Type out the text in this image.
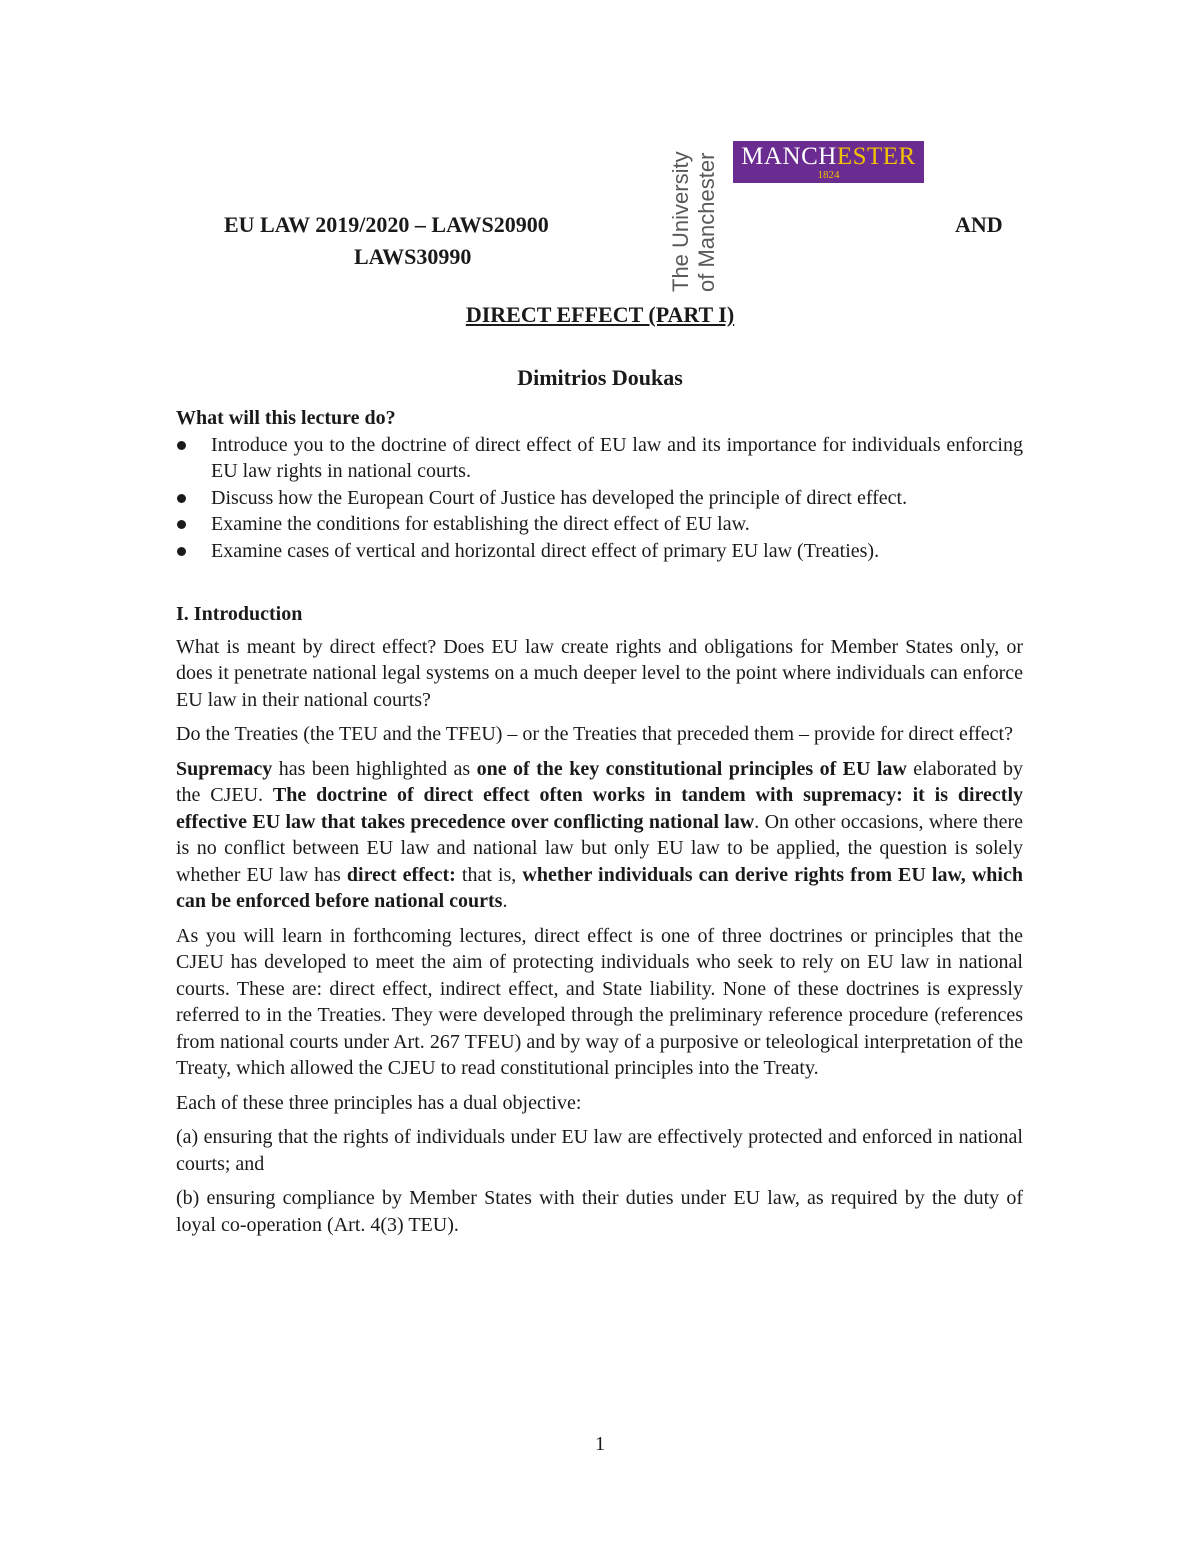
MANCHESTER
1824
The University of Manchester
EU LAW 2019/2020 – LAWS20900	AND
LAWS30990
DIRECT EFFECT (PART I)
Dimitrios Doukas

What will this lecture do?

Introduce you to the doctrine of direct effect of EU law and its importance for individuals enforcing EU law rights in national courts.
Discuss how the European Court of Justice has developed the principle of direct effect.
Examine the conditions for establishing the direct effect of EU law.
Examine cases of vertical and horizontal direct effect of primary EU law (Treaties).

I. Introduction

What is meant by direct effect? Does EU law create rights and obligations for Member States only, or does it penetrate national legal systems on a much deeper level to the point where individuals can enforce EU law in their national courts?

Do the Treaties (the TEU and the TFEU) – or the Treaties that preceded them – provide for direct effect?

Supremacy has been highlighted as one of the key constitutional principles of EU law elaborated by the CJEU. The doctrine of direct effect often works in tandem with supremacy: it is directly effective EU law that takes precedence over conflicting national law. On other occasions, where there is no conflict between EU law and national law but only EU law to be applied, the question is solely whether EU law has direct effect: that is, whether individuals can derive rights from EU law, which can be enforced before national courts.

As you will learn in forthcoming lectures, direct effect is one of three doctrines or principles that the CJEU has developed to meet the aim of protecting individuals who seek to rely on EU law in national courts. These are: direct effect, indirect effect, and State liability. None of these doctrines is expressly referred to in the Treaties. They were developed through the preliminary reference procedure (references from national courts under Art. 267 TFEU) and by way of a purposive or teleological interpretation of the Treaty, which allowed the CJEU to read constitutional principles into the Treaty.

Each of these three principles has a dual objective:

(a) ensuring that the rights of individuals under EU law are effectively protected and enforced in national courts; and

(b) ensuring compliance by Member States with their duties under EU law, as required by the duty of loyal co-operation (Art. 4(3) TEU).

1
